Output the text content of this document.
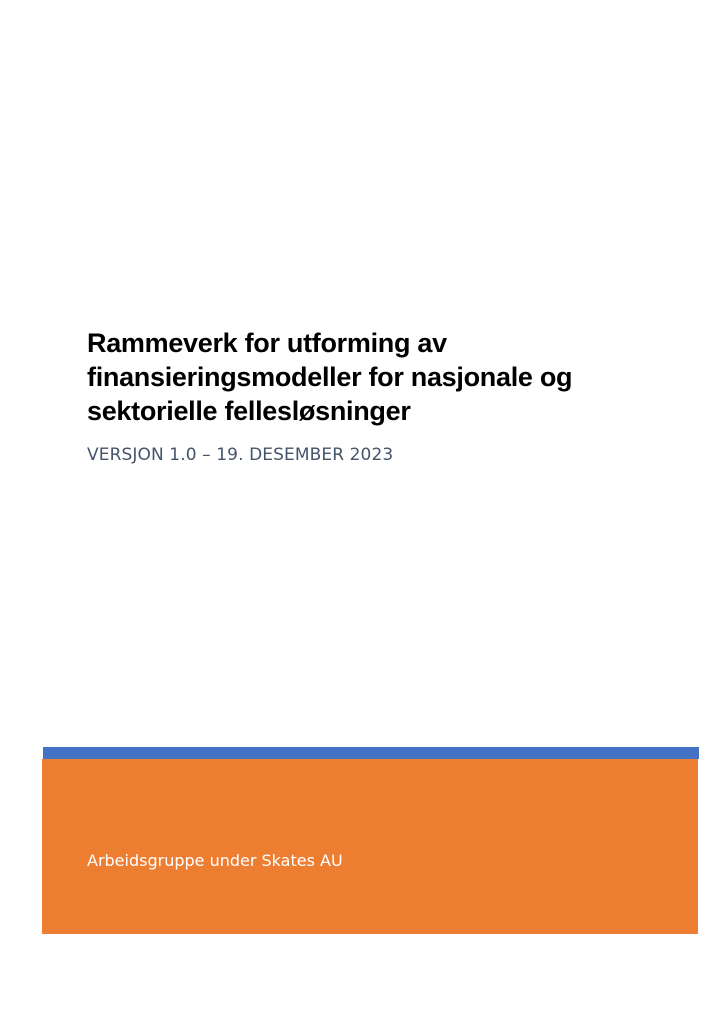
Rammeverk for utforming av
finansieringsmodeller for nasjonale og
sektorielle fellesløsninger

VERSJON 1.0 – 19. DESEMBER 2023

Arbeidsgruppe under Skates AU
